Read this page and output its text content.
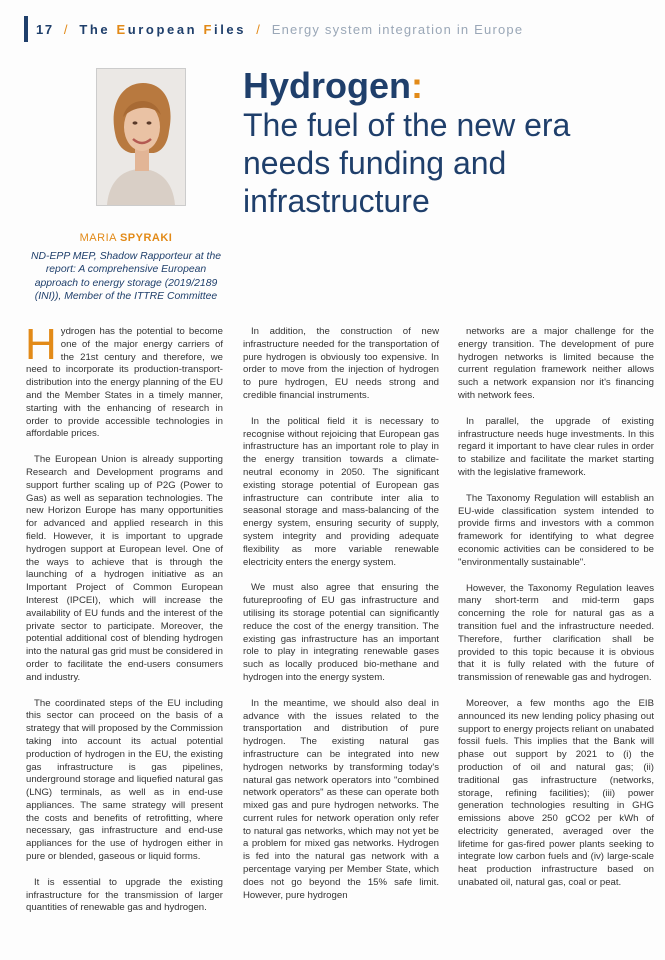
17 / The European Files / Energy system integration in Europe
Hydrogen:
The fuel of the new era needs funding and infrastructure
MARIA SPYRAKI
ND-EPP MEP, Shadow Rapporteur at the report: A comprehensive European approach to energy storage (2019/2189 (INI)), Member of the ITTRE Committee

Hydrogen has the potential to become one of the major energy carriers of the 21st century and therefore, we need to incorporate its production-transport-distribution into the energy planning of the EU and the Member States in a timely manner, starting with the enhancing of research in order to provide accessible technologies in affordable prices.

The European Union is already supporting Research and Development programs and support further scaling up of P2G (Power to Gas) as well as separation technologies. The new Horizon Europe has many opportunities for advanced and applied research in this field. However, it is important to upgrade hydrogen support at European level. One of the ways to achieve that is through the launching of a hydrogen initiative as an Important Project of Common European Interest (IPCEI), which will increase the availability of EU funds and the interest of the private sector to participate. Moreover, the potential additional cost of blending hydrogen into the natural gas grid must be considered in order to facilitate the end-users consumers and industry.

The coordinated steps of the EU including this sector can proceed on the basis of a strategy that will proposed by the Commission taking into account its actual potential production of hydrogen in the EU, the existing gas infrastructure is gas pipelines, underground storage and liquefied natural gas (LNG) terminals, as well as in end-use appliances. The same strategy will present the costs and benefits of retrofitting, where necessary, gas infrastructure and end-use appliances for the use of hydrogen either in pure or blended, gaseous or liquid forms.

It is essential to upgrade the existing infrastructure for the transmission of larger quantities of renewable gas and hydrogen.

In addition, the construction of new infrastructure needed for the transportation of pure hydrogen is obviously too expensive. In order to move from the injection of hydrogen to pure hydrogen, EU needs strong and credible financial instruments.

In the political field it is necessary to recognise without rejoicing that European gas infrastructure has an important role to play in the energy transition towards a climate-neutral economy in 2050. The significant existing storage potential of European gas infrastructure can contribute inter alia to seasonal storage and mass-balancing of the energy system, ensuring security of supply, system integrity and providing adequate flexibility as more variable renewable electricity enters the energy system.

We must also agree that ensuring the futureproofing of EU gas infrastructure and utilising its storage potential can significantly reduce the cost of the energy transition. The existing gas infrastructure has an important role to play in integrating renewable gases such as locally produced bio-methane and hydrogen into the energy system.

In the meantime, we should also deal in advance with the issues related to the transportation and distribution of pure hydrogen. The existing natural gas infrastructure can be integrated into new hydrogen networks by transforming today's natural gas network operators into "combined network operators" as these can operate both mixed gas and pure hydrogen networks. The current rules for network operation only refer to natural gas networks, which may not yet be a problem for mixed gas networks. Hydrogen is fed into the natural gas network with a percentage varying per Member State, which does not go beyond the 15% safe limit. However, pure hydrogen

networks are a major challenge for the energy transition. The development of pure hydrogen networks is limited because the current regulation framework neither allows such a network expansion nor it's financing with network fees.

In parallel, the upgrade of existing infrastructure needs huge investments. In this regard it important to have clear rules in order to stabilize and facilitate the market starting with the legislative framework.

The Taxonomy Regulation will establish an EU-wide classification system intended to provide firms and investors with a common framework for identifying to what degree economic activities can be considered to be "environmentally sustainable".

However, the Taxonomy Regulation leaves many short-term and mid-term gaps concerning the role for natural gas as a transition fuel and the infrastructure needed. Therefore, further clarification shall be provided to this topic because it is obvious that it is fully related with the future of transmission of renewable gas and hydrogen.

Moreover, a few months ago the EIB announced its new lending policy phasing out support to energy projects reliant on unabated fossil fuels. This implies that the Bank will phase out support by 2021 to (i) the production of oil and natural gas; (ii) traditional gas infrastructure (networks, storage, refining facilities); (iii) power generation technologies resulting in GHG emissions above 250 gCO2 per kWh of electricity generated, averaged over the lifetime for gas-fired power plants seeking to integrate low carbon fuels and (iv) large-scale heat production infrastructure based on unabated oil, natural gas, coal or peat.
